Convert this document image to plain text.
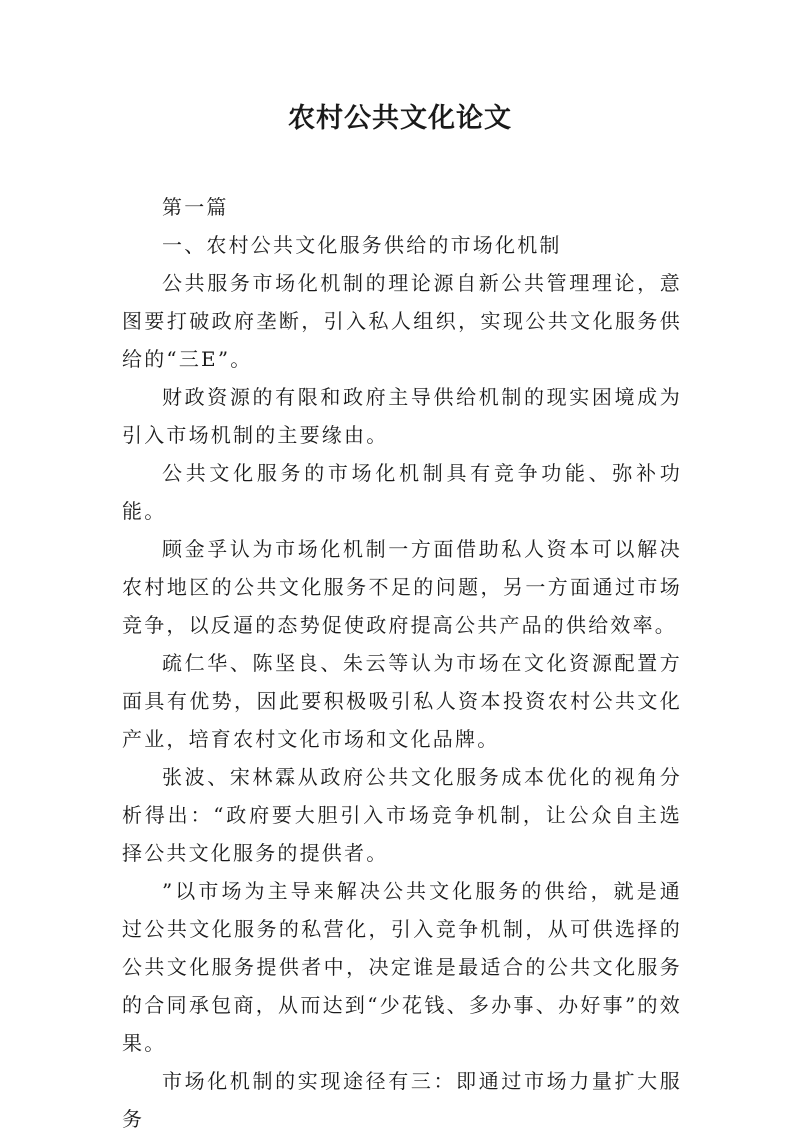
农村公共文化论文

第一篇

一、农村公共文化服务供给的市场化机制

公共服务市场化机制的理论源自新公共管理理论，意图要打破政府垄断，引入私人组织，实现公共文化服务供给的“三E”。

财政资源的有限和政府主导供给机制的现实困境成为引入市场机制的主要缘由。

公共文化服务的市场化机制具有竞争功能、弥补功能。

顾金孚认为市场化机制一方面借助私人资本可以解决农村地区的公共文化服务不足的问题，另一方面通过市场竞争，以反逼的态势促使政府提高公共产品的供给效率。

疏仁华、陈坚良、朱云等认为市场在文化资源配置方面具有优势，因此要积极吸引私人资本投资农村公共文化产业，培育农村文化市场和文化品牌。

张波、宋林霖从政府公共文化服务成本优化的视角分析得出：“政府要大胆引入市场竞争机制，让公众自主选择公共文化服务的提供者。

”以市场为主导来解决公共文化服务的供给，就是通过公共文化服务的私营化，引入竞争机制，从可供选择的公共文化服务提供者中，决定谁是最适合的公共文化服务的合同承包商，从而达到“少花钱、多办事、办好事”的效果。

市场化机制的实现途径有三：即通过市场力量扩大服务
